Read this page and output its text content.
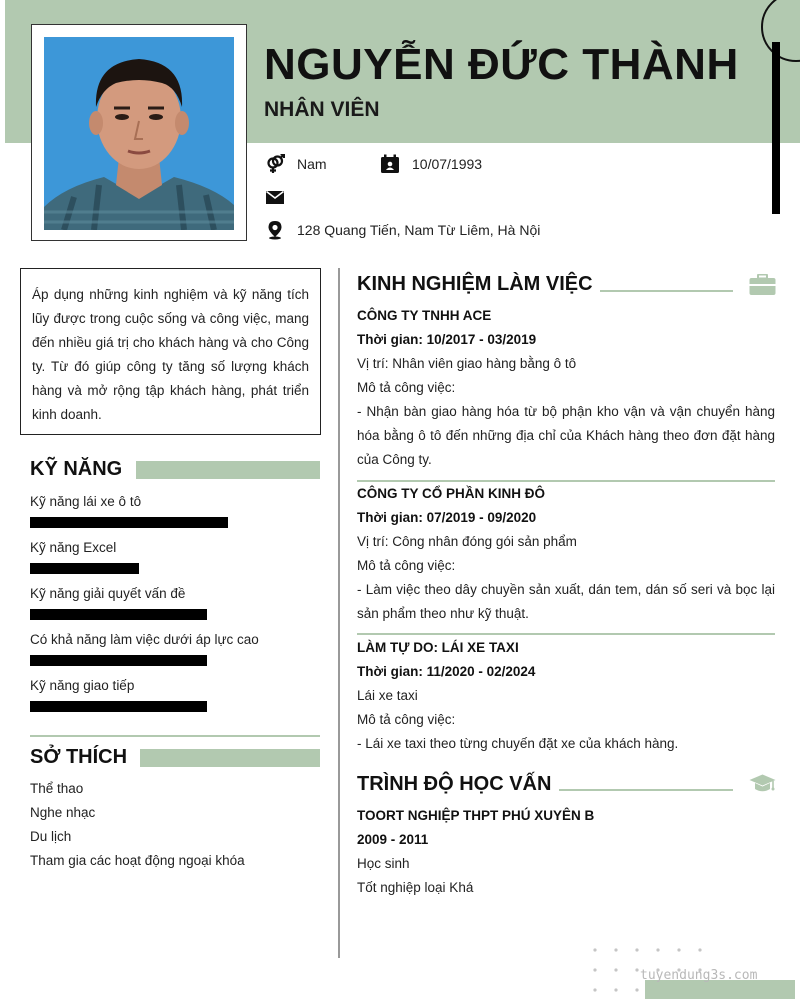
NGUYỄN ĐỨC THÀNH
NHÂN VIÊN
Nam	10/07/1993
128 Quang Tiến, Nam Từ Liêm, Hà Nội
Áp dụng những kinh nghiệm và kỹ năng tích lũy được trong cuộc sống và công việc, mang đến nhiều giá trị cho khách hàng và cho Công ty. Từ đó giúp công ty tăng số lượng khách hàng và mở rộng tập khách hàng, phát triển kinh doanh.
KỸ NĂNG
Kỹ năng lái xe ô tô
Kỹ năng Excel
Kỹ năng giải quyết vấn đề
Có khả năng làm việc dưới áp lực cao
Kỹ năng giao tiếp
SỞ THÍCH
Thể thao
Nghe nhạc
Du lịch
Tham gia các hoạt động ngoại khóa
KINH NGHIỆM LÀM VIỆC
CÔNG TY TNHH ACE
Thời gian: 10/2017 - 03/2019
Vị trí: Nhân viên giao hàng bằng ô tô
Mô tả công việc:
- Nhận bàn giao hàng hóa từ bộ phận kho vận và vận chuyển hàng hóa bằng ô tô đến những địa chỉ của Khách hàng theo đơn đặt hàng của Công ty.
CÔNG TY CỔ PHẦN KINH ĐÔ
Thời gian: 07/2019 - 09/2020
Vị trí: Công nhân đóng gói sản phẩm
Mô tả công việc:
- Làm việc theo dây chuyền sản xuất, dán tem, dán số seri và bọc lại sản phẩm theo như kỹ thuật.
LÀM TỰ DO: LÁI XE TAXI
Thời gian: 11/2020 - 02/2024
Lái xe taxi
Mô tả công việc:
- Lái xe taxi theo từng chuyến đặt xe của khách hàng.
TRÌNH ĐỘ HỌC VẤN
TOORT NGHIỆP THPT PHÚ XUYÊN B
2009 - 2011
Học sinh
Tốt nghiệp loại Khá
tuyendung3s.com
